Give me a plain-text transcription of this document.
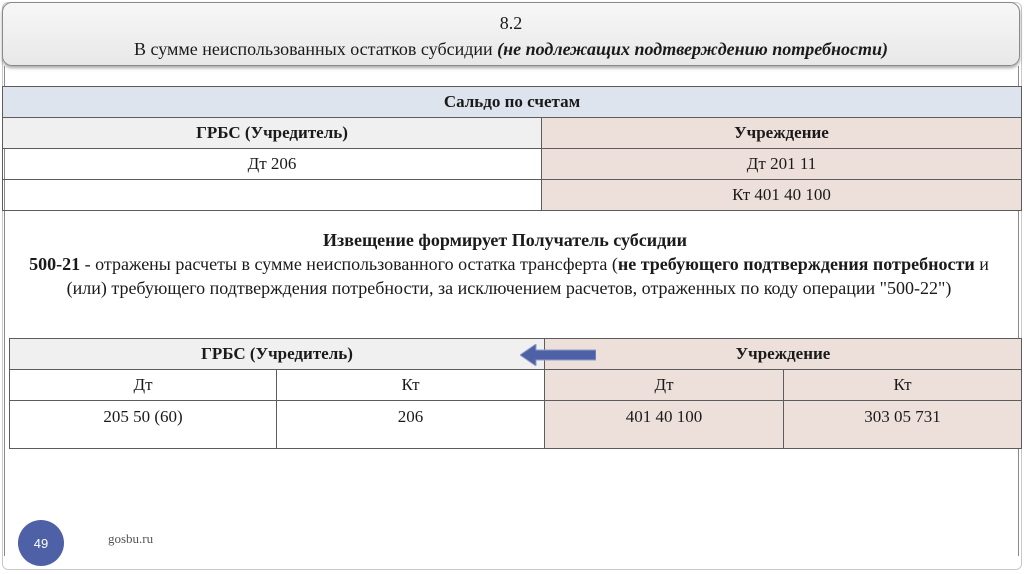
8.2
В сумме неиспользованных остатков субсидии (не подлежащих подтверждению потребности)
Сальдо по счетам	
ГРБС (Учредитель)	Учреждение
Дт 206	Дт 201 11
	Кт 401 40 100
Извещение формирует Получатель субсидии
500-21 - отражены расчеты в сумме неиспользованного остатка трансферта (не требующего подтверждения потребности и (или) требующего подтверждения потребности, за исключением расчетов, отраженных по коду операции "500-22")
ГРБС (Учредитель)		Учреждение	
Дт	Кт	Дт	Кт
205 50 (60)	206	401 40 100	303 05 731
49	gosbu.ru
